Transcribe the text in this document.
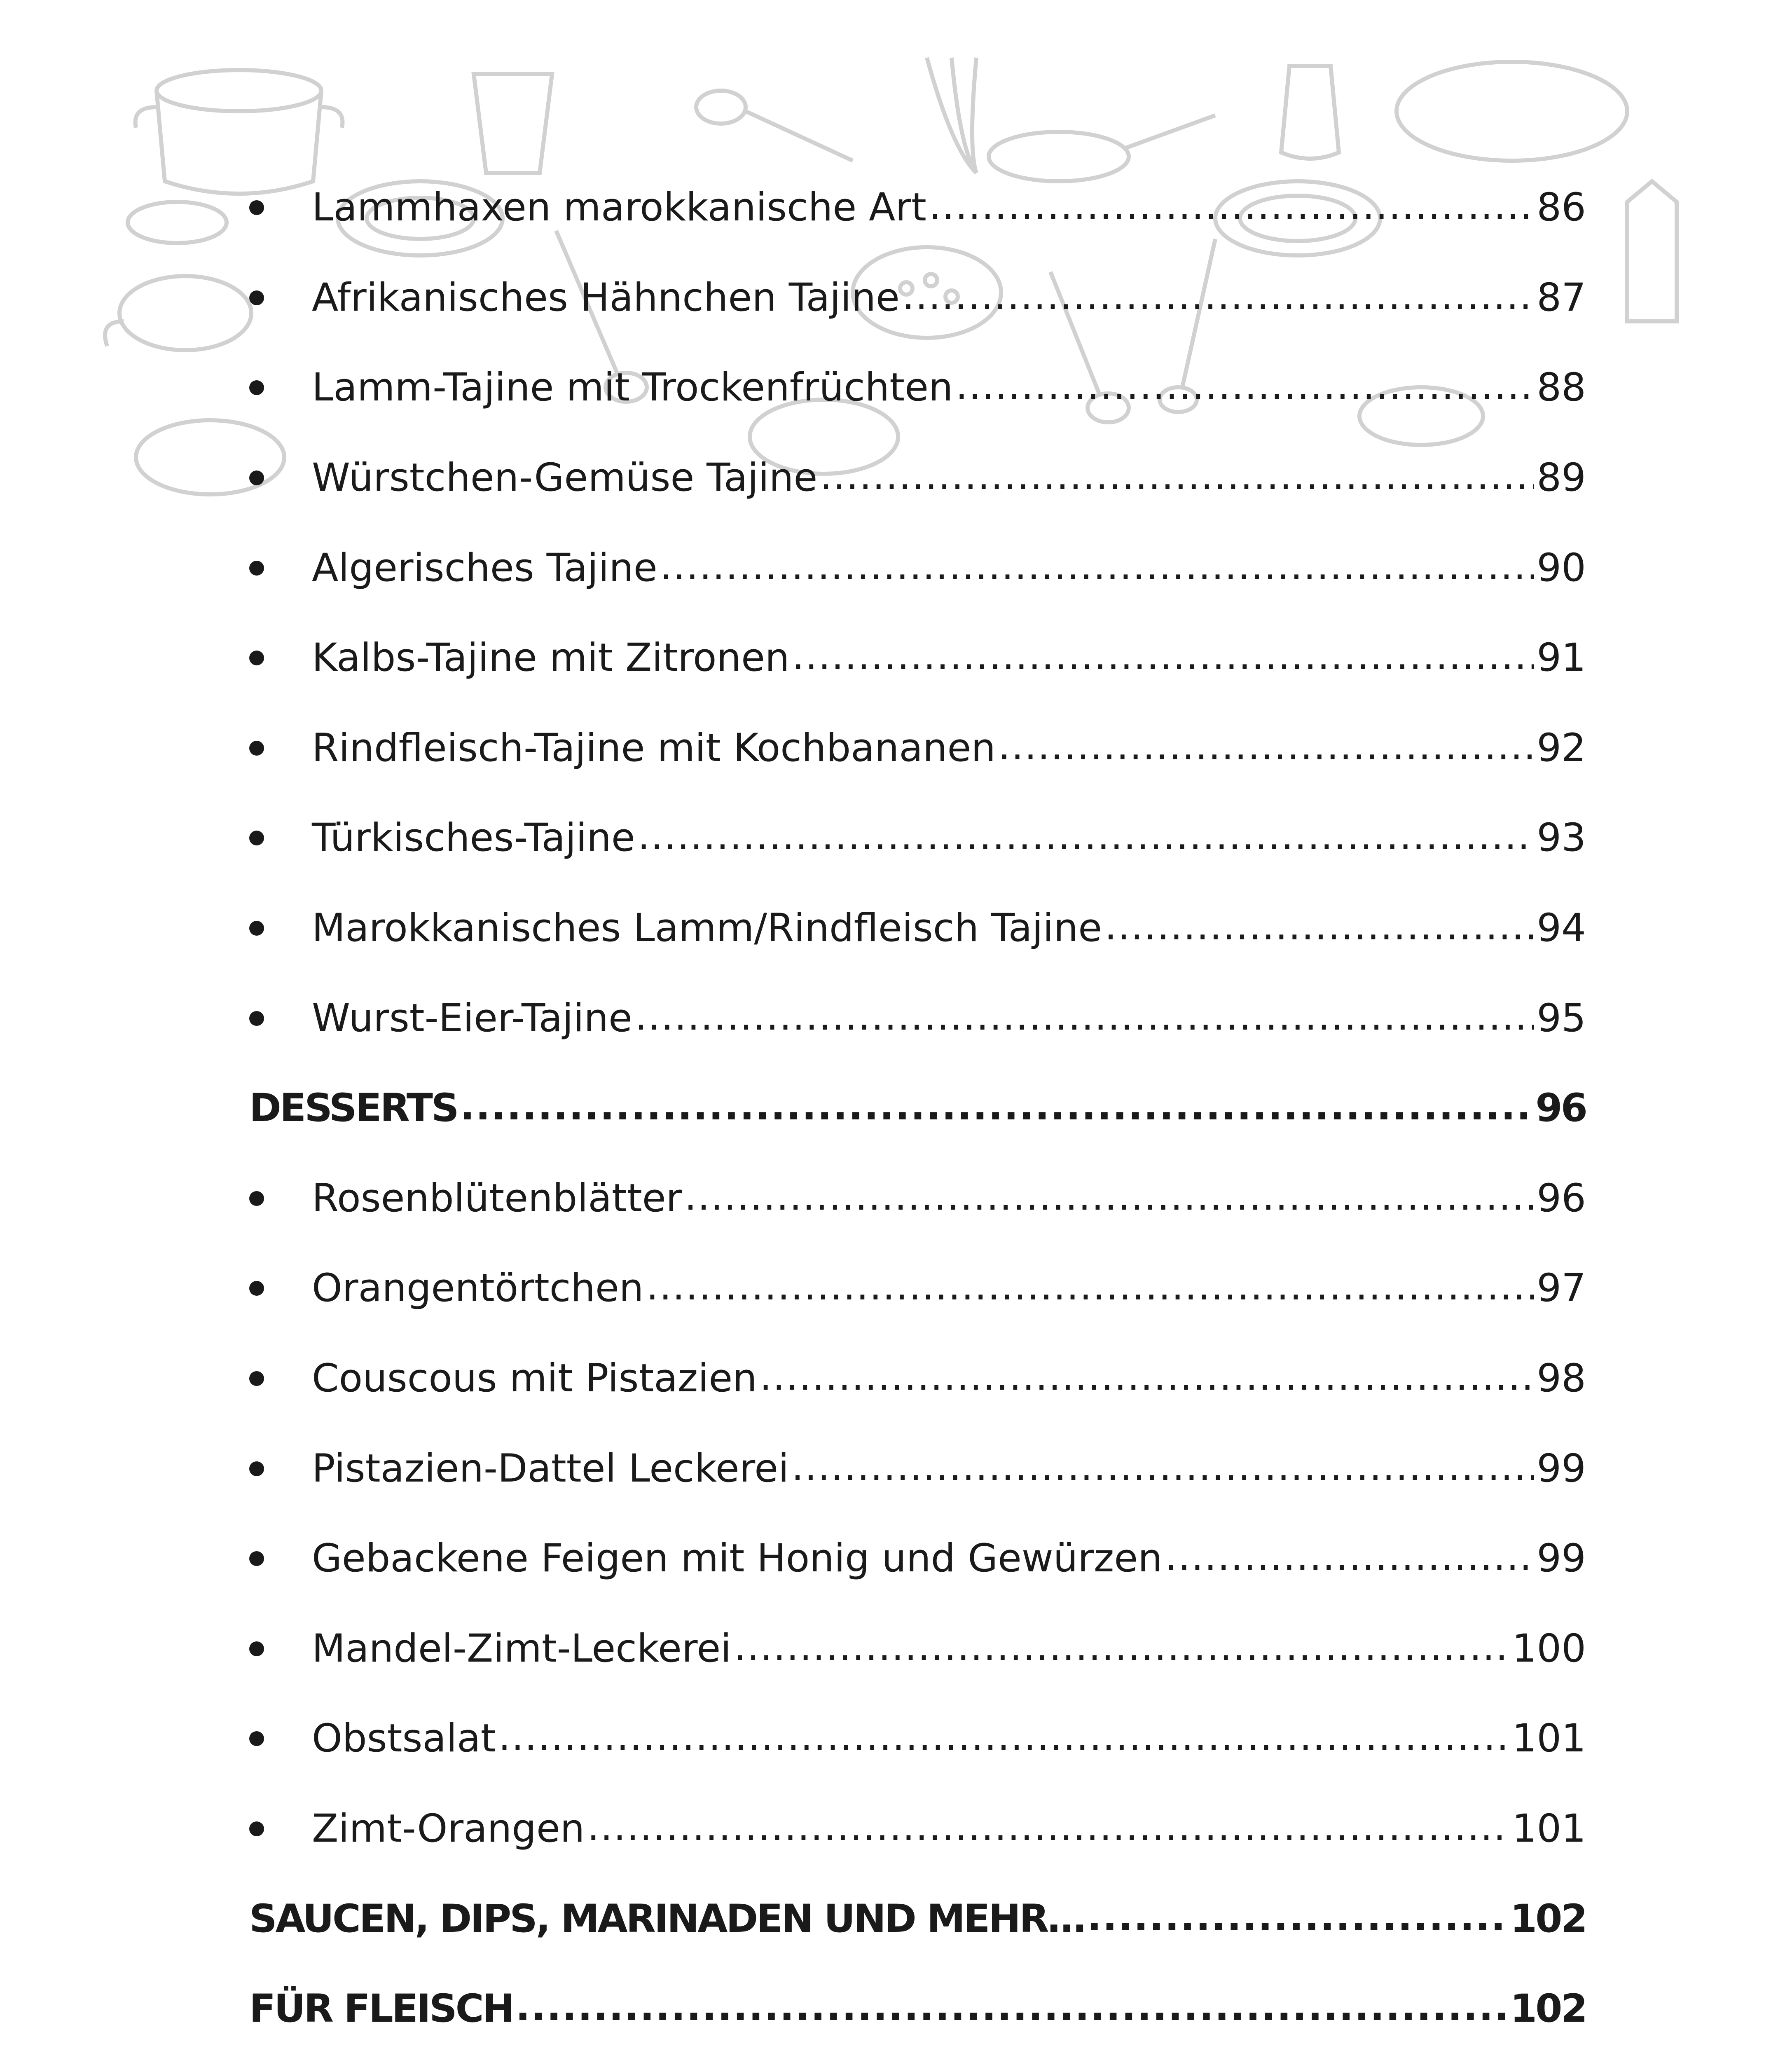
Lammhaxen marokkanische Art .....	86
Afrikanisches Hähnchen Tajine .....	87
Lamm-Tajine mit Trockenfrüchten .....	88
Würstchen-Gemüse Tajine .....	89
Algerisches Tajine .....	90
Kalbs-Tajine mit Zitronen .....	91
Rindfleisch-Tajine mit Kochbananen .....	92
Türkisches-Tajine .....	93
Marokkanisches Lamm/Rindfleisch Tajine .....	94
Wurst-Eier-Tajine .....	95
DESSERTS .....	96
Rosenblütenblätter .....	96
Orangentörtchen .....	97
Couscous mit Pistazien .....	98
Pistazien-Dattel Leckerei .....	99
Gebackene Feigen mit Honig und Gewürzen .....	99
Mandel-Zimt-Leckerei .....	100
Obstsalat .....	101
Zimt-Orangen .....	101
SAUCEN, DIPS, MARINADEN UND MEHR… .....	102
FÜR FLEISCH .....	102
